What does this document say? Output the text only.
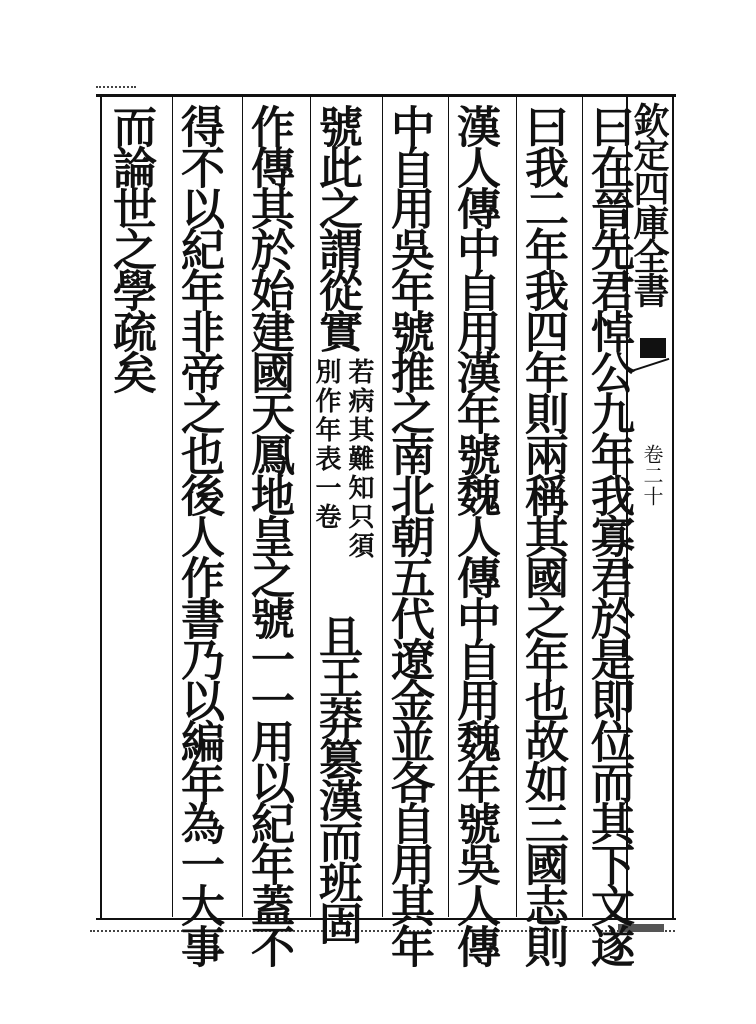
欽定四庫全書
卷二十
曰在晉先君悼公九年我寡君於是即位而其下文遂
曰我二年我四年則兩稱其國之年也故如三國志則
漢人傳中自用漢年號魏人傳中自用魏年號吳人傳
中自用吳年號推之南北朝五代遼金並各自用其年
號此之謂從實
若病其難知只須
別作年表一卷
且王莽篡漢而班固
作傳其於始建國天鳳地皇之號一一用以紀年蓋不
得不以紀年非帝之也後人作書乃以編年為一大事
而論世之學疏矣
